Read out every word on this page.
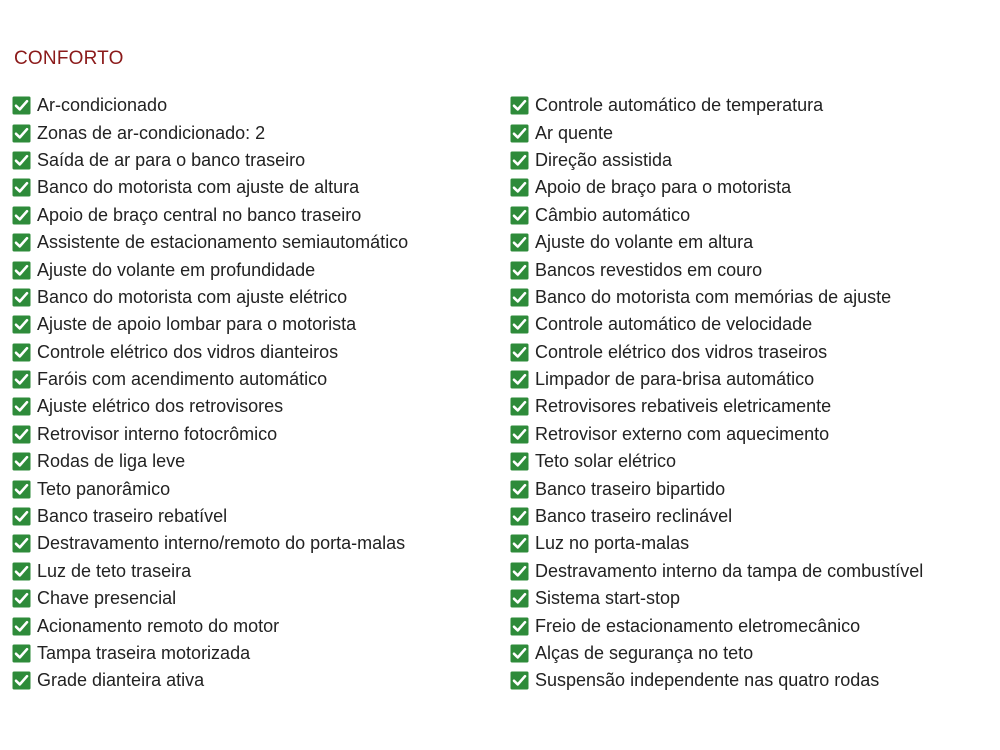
CONFORTO
Ar-condicionado
Zonas de ar-condicionado: 2
Saída de ar para o banco traseiro
Banco do motorista com ajuste de altura
Apoio de braço central no banco traseiro
Assistente de estacionamento semiautomático
Ajuste do volante em profundidade
Banco do motorista com ajuste elétrico
Ajuste de apoio lombar para o motorista
Controle elétrico dos vidros dianteiros
Faróis com acendimento automático
Ajuste elétrico dos retrovisores
Retrovisor interno fotocrômico
Rodas de liga leve
Teto panorâmico
Banco traseiro rebatível
Destravamento interno/remoto do porta-malas
Luz de teto traseira
Chave presencial
Acionamento remoto do motor
Tampa traseira motorizada
Grade dianteira ativa
Controle automático de temperatura
Ar quente
Direção assistida
Apoio de braço para o motorista
Câmbio automático
Ajuste do volante em altura
Bancos revestidos em couro
Banco do motorista com memórias de ajuste
Controle automático de velocidade
Controle elétrico dos vidros traseiros
Limpador de para-brisa automático
Retrovisores rebativeis eletricamente
Retrovisor externo com aquecimento
Teto solar elétrico
Banco traseiro bipartido
Banco traseiro reclinável
Luz no porta-malas
Destravamento interno da tampa de combustível
Sistema start-stop
Freio de estacionamento eletromecânico
Alças de segurança no teto
Suspensão independente nas quatro rodas
